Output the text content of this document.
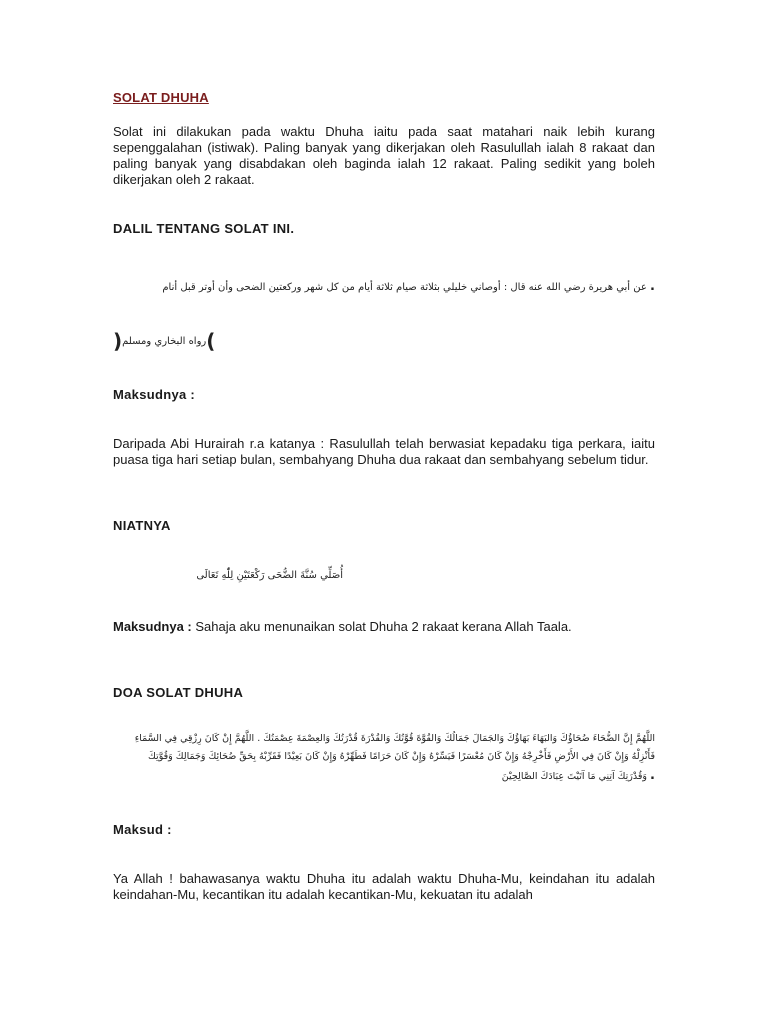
SOLAT DHUHA
Solat ini dilakukan pada waktu Dhuha iaitu pada saat matahari naik lebih kurang sepenggalahan (istiwak). Paling banyak yang dikerjakan oleh Rasulullah ialah 8 rakaat dan paling banyak yang disabdakan oleh baginda ialah 12 rakaat. Paling sedikit yang boleh dikerjakan oleh 2 rakaat.
DALIL TENTANG SOLAT INI.
. عن أبي هريرة رضي الله عنه قال : أوصاني خليلي بثلاثة صيام ثلاثة أيام من كل شهر وركعتين الضحى وأن أوتر قبل أنام
)رواه البخاري ومسلم(
Maksudnya :
Daripada Abi Hurairah r.a katanya : Rasulullah telah berwasiat kepadaku tiga perkara, iaitu puasa tiga hari setiap bulan, sembahyang Dhuha dua rakaat dan sembahyang sebelum tidur.
NIATNYA
أُصَلِّي سُنَّةَ الضُّحَى رَكْعَتَيْنِ لِلّٰهِ تَعَالَى
Maksudnya : Sahaja aku menunaikan solat Dhuha 2 rakaat kerana Allah Taala.
DOA SOLAT DHUHA
اللَّهُمَّ إِنَّ الضُّحَاءَ ضُحَاؤُكَ وَالبَهَاءَ بَهَاؤُكَ وَالجَمَالَ جَمَالُكَ وَالقُوَّةَ قُوَّتُكَ وَالقُدْرَةَ قُدْرَتُكَ وَالعِصْمَةَ عِصْمَتُكَ . اللَّهُمَّ إِنْ كَانَ رِزْقِي فِي السَّمَاءِ
فَأَنْزِلْهُ وَإِنْ كَانَ فِي الأَرْضِ فَأَخْرِجْهُ وَإِنْ كَانَ مُعْسَرًا فَيَسِّرْهُ وَإِنْ كَانَ حَرَامًا فَطَهِّرْهُ وَإِنْ كَانَ بَعِيْدًا فَقَرِّبْهُ بِحَقِّ ضُحَائِكَ وَجَمَالِكَ وَقُوَّتِكَ
. وَقُدْرَتِكَ آتِنِي مَا آتَيْتَ عِبَادَكَ الصَّالِحِيْنَ
Maksud :
Ya Allah ! bahawasanya waktu Dhuha itu adalah waktu Dhuha-Mu, keindahan itu adalah keindahan-Mu, kecantikan itu adalah kecantikan-Mu, kekuatan itu adalah
